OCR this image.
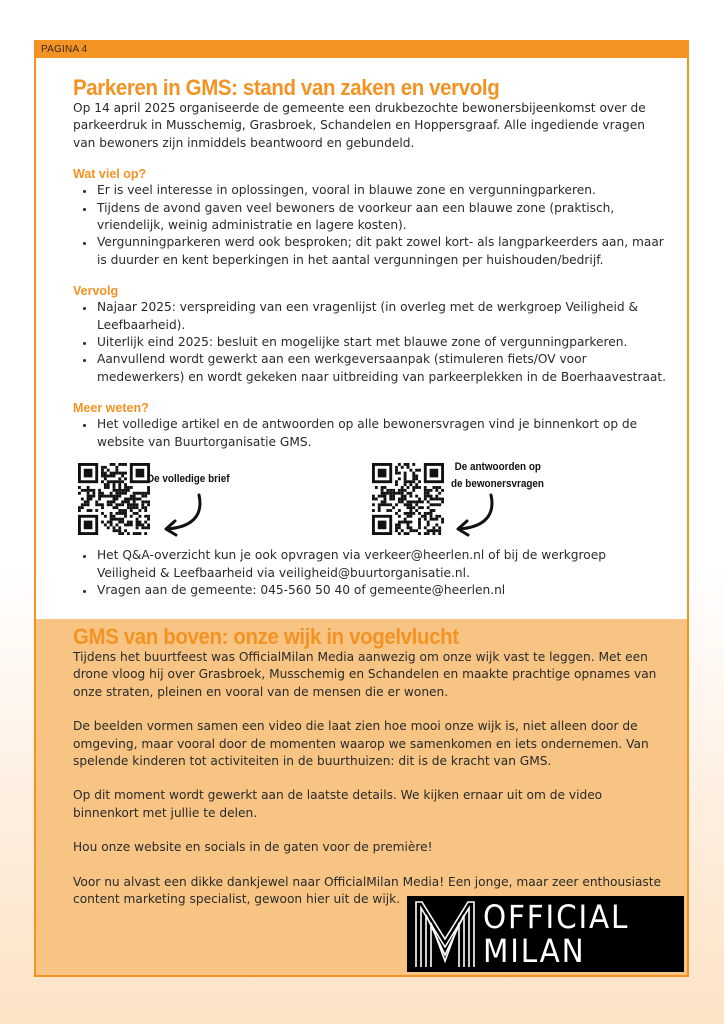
PAGINA 4
Parkeren in GMS: stand van zaken en vervolg

Op 14 april 2025 organiseerde de gemeente een drukbezochte bewonersbijeenkomst over de parkeerdruk in Musschemig, Grasbroek, Schandelen en Hoppersgraaf. Alle ingediende vragen van bewoners zijn inmiddels beantwoord en gebundeld.

Wat viel op?
• Er is veel interesse in oplossingen, vooral in blauwe zone en vergunningparkeren.
• Tijdens de avond gaven veel bewoners de voorkeur aan een blauwe zone (praktisch, vriendelijk, weinig administratie en lagere kosten).
• Vergunningparkeren werd ook besproken; dit pakt zowel kort- als langparkeerders aan, maar is duurder en kent beperkingen in het aantal vergunningen per huishouden/bedrijf.
Vervolg
• Najaar 2025: verspreiding van een vragenlijst (in overleg met de werkgroep Veiligheid & Leefbaarheid).
• Uiterlijk eind 2025: besluit en mogelijke start met blauwe zone of vergunningparkeren.
• Aanvullend wordt gewerkt aan een werkgeversaanpak (stimuleren fiets/OV voor medewerkers) en wordt gekeken naar uitbreiding van parkeerplekken in de Boerhaavestraat.
Meer weten?
• Het volledige artikel en de antwoorden op alle bewonersvragen vind je binnenkort op de website van Buurtorganisatie GMS.
De volledige brief
De antwoorden op
de bewonersvragen
• Het Q&A-overzicht kun je ook opvragen via verkeer@heerlen.nl of bij de werkgroep Veiligheid & Leefbaarheid via veiligheid@buurtorganisatie.nl.
• Vragen aan de gemeente: 045-560 50 40 of gemeente@heerlen.nl
GMS van boven: onze wijk in vogelvlucht

Tijdens het buurtfeest was OfficialMilan Media aanwezig om onze wijk vast te leggen. Met een drone vloog hij over Grasbroek, Musschemig en Schandelen en maakte prachtige opnames van onze straten, pleinen en vooral van de mensen die er wonen.

De beelden vormen samen een video die laat zien hoe mooi onze wijk is, niet alleen door de omgeving, maar vooral door de momenten waarop we samenkomen en iets ondernemen. Van spelende kinderen tot activiteiten in de buurthuizen: dit is de kracht van GMS.

Op dit moment wordt gewerkt aan de laatste details. We kijken ernaar uit om de video binnenkort met jullie te delen.

Hou onze website en socials in de gaten voor de première!

Voor nu alvast een dikke dankjewel naar OfficialMilan Media! Een jonge, maar zeer enthousiaste content marketing specialist, gewoon hier uit de wijk.	OFFICIAL
MILAN
